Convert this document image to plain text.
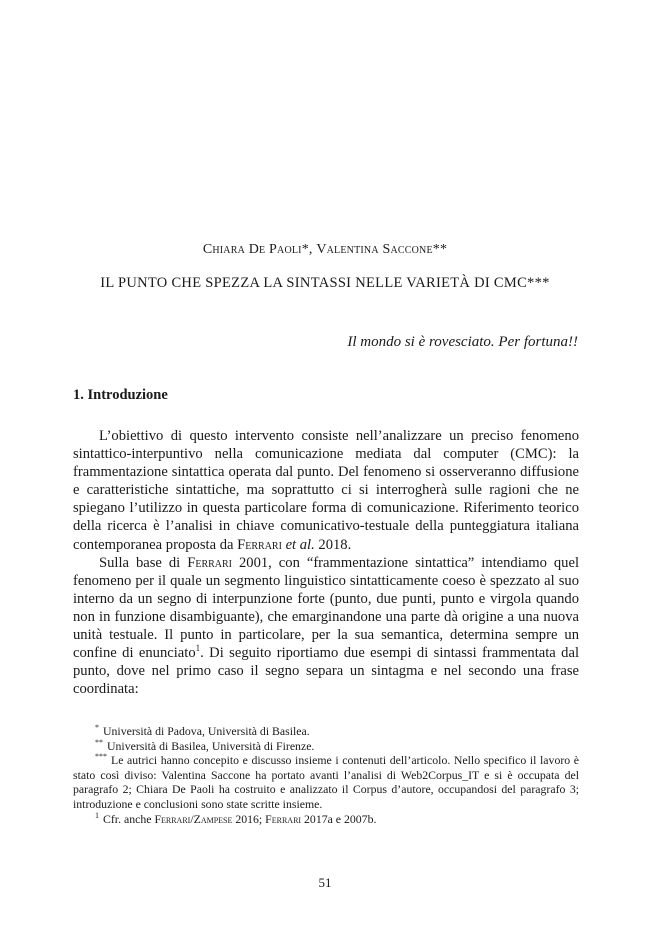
Chiara De Paoli*, Valentina Saccone**
IL PUNTO CHE SPEZZA LA SINTASSI NELLE VARIETÀ DI CMC***
Il mondo si è rovesciato. Per fortuna!!
1. Introduzione

L’obiettivo di questo intervento consiste nell’analizzare un preciso fenomeno sintattico-interpuntivo nella comunicazione mediata dal computer (CMC): la frammentazione sintattica operata dal punto. Del fenomeno si osserveranno diffusione e caratteristiche sintattiche, ma soprattutto ci si interrogherà sulle ragioni che ne spiegano l’utilizzo in questa particolare forma di comunicazione. Riferimento teorico della ricerca è l’analisi in chiave comunicativo-testuale della punteggiatura italiana contemporanea proposta da Ferrari et al. 2018.

Sulla base di Ferrari 2001, con “frammentazione sintattica” intendiamo quel fenomeno per il quale un segmento linguistico sintatticamente coeso è spezzato al suo interno da un segno di interpunzione forte (punto, due punti, punto e virgola quando non in funzione disambiguante), che emarginandone una parte dà origine a una nuova unità testuale. Il punto in particolare, per la sua semantica, determina sempre un confine di enunciato$^1$. Di seguito riportiamo due esempi di sintassi frammentata dal punto, dove nel primo caso il segno separa un sintagma e nel secondo una frase coordinata:

* Università di Padova, Università di Basilea.

** Università di Basilea, Università di Firenze.

*** Le autrici hanno concepito e discusso insieme i contenuti dell’articolo. Nello specifico il lavoro è stato così diviso: Valentina Saccone ha portato avanti l’analisi di Web2Corpus_IT e si è occupata del paragrafo 2; Chiara De Paoli ha costruito e analizzato il Corpus d’autore, occupandosi del paragrafo 3; introduzione e conclusioni sono state scritte insieme.

$^1$ Cfr. anche Ferrari/Zampese 2016; Ferrari 2017a e 2007b.

51
